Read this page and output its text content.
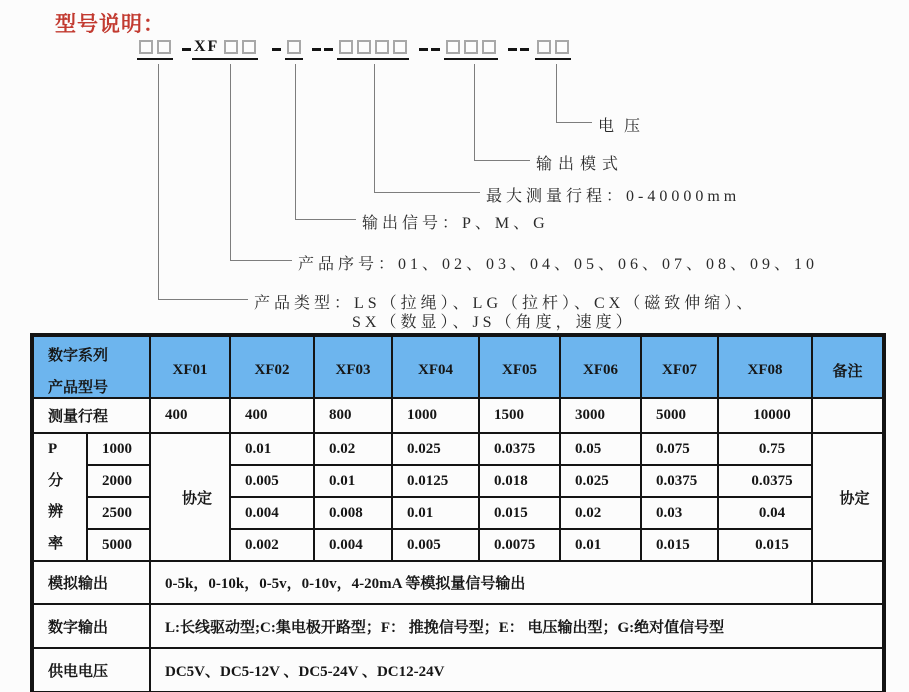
型号说明：
XF
电压
输出模式
最大测量行程：0-40000mm
输出信号：P、M、G
产品序号：01、02、03、04、05、06、07、08、09、10
产品类型：LS（拉绳）、LG（拉杆）、CX（磁致伸缩）、
SX（数显）、JS（角度，速度）
数字系列
产品型号		XF01	XF02	XF03	XF04	XF05	XF06	XF07	XF08	备注
测量行程		400	400	800	1000	1500	3000	5000	10000	

P
分
辨
率	1000	协定	0.01	0.02	0.025	0.0375	0.05	0.075	0.75	协定
	2000		0.005	0.01	0.0125	0.018	0.025	0.0375	0.0375	
	2500		0.004	0.008	0.01	0.015	0.02	0.03	0.04	
	5000		0.002	0.004	0.005	0.0075	0.01	0.015	0.015	
模拟输出		0-5k，0-10k，0-5v，0-10v，4-20mA 等模拟量信号输出								
数字输出		L:长线驱动型;C:集电极开路型；F： 推挽信号型；E： 电压输出型；G:绝对值信号型								
供电电压		DC5V、DC5-12V 、DC5-24V 、DC12-24V								
